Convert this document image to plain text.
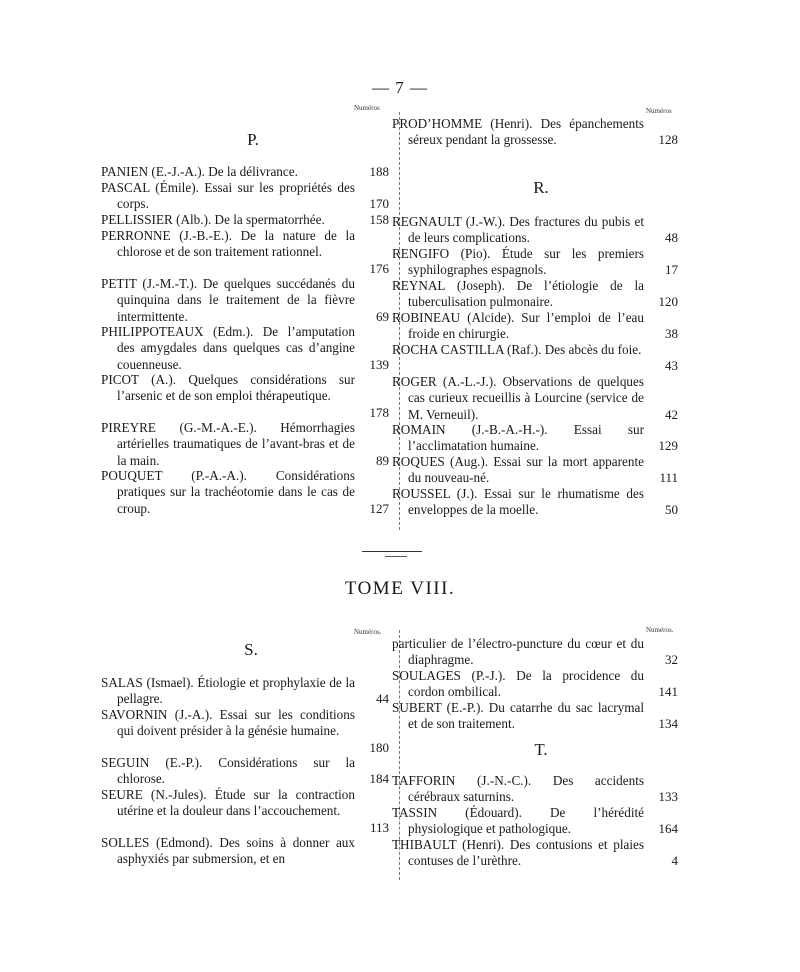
— 7 —
Numéros	Numéros
P.
PANIEN (E.-J.-A.). De la délivrance.	188
PASCAL (Émile). Essai sur les propriétés des corps.	170
PELLISSIER (Alb.). De la spermatorrhée.	158
PERRONNE (J.-B.-E.). De la nature de la chlorose et de son traitement rationnel.
176
PETIT (J.-M.-T.). De quelques succédanés du quinquina dans le traitement de la fièvre intermittente.	69
PHILIPPOTEAUX (Edm.). De l’amputation des amygdales dans quelques cas d’angine couenneuse.	139
PICOT (A.). Quelques considérations sur l’arsenic et de son emploi thérapeutique.
178
PIREYRE (G.-M.-A.-E.). Hémorrhagies artérielles traumatiques de l’avant-bras et de la main.	89
POUQUET (P.-A.-A.). Considérations pratiques sur la trachéotomie dans le cas de croup.	127
PROD’HOMME (Henri). Des épanchements séreux pendant la grossesse.	128
REGNAULT (J.-W.). Des fractures du pubis et de leurs complications.	48
RENGIFO (Pio). Étude sur les premiers syphilographes espagnols.	17
REYNAL (Joseph). De l’étiologie de la tuberculisation pulmonaire.	120
ROBINEAU (Alcide). Sur l’emploi de l’eau froide en chirurgie.	38
ROCHA CASTILLA (Raf.). Des abcès du foie.
43
ROGER (A.-L.-J.). Observations de quelques cas curieux recueillis à Lourcine (service de M. Verneuil).	42
ROMAIN (J.-B.-A.-H.-). Essai sur l’acclimatation humaine.	129
ROQUES (Aug.). Essai sur la mort apparente du nouveau-né.	111
ROUSSEL (J.). Essai sur le rhumatisme des enveloppes de la moelle.	50
R.
TOME VIII.
Numéros.	Numéros.
S.
T.
SALAS (Ismael). Étiologie et prophylaxie de la pellagre.	44
SAVORNIN (J.-A.). Essai sur les conditions qui doivent présider à la génésie humaine.
180
SEGUIN (E.-P.). Considérations sur la chlorose.	184
SEURE (N.-Jules). Étude sur la contraction utérine et la douleur dans l’accouchement.
113
SOLLES (Edmond). Des soins à donner aux asphyxiés par submersion, et en
particulier de l’électro-puncture du cœur et du diaphragme.	32
SOULAGES (P.-J.). De la procidence du cordon ombilical.	141
SUBERT (E.-P.). Du catarrhe du sac lacrymal et de son traitement.	134
TAFFORIN (J.-N.-C.). Des accidents cérébraux saturnins.	133
TASSIN (Édouard). De l’hérédité physiologique et pathologique.	164
THIBAULT (Henri). Des contusions et plaies contuses de l’urèthre.	4
